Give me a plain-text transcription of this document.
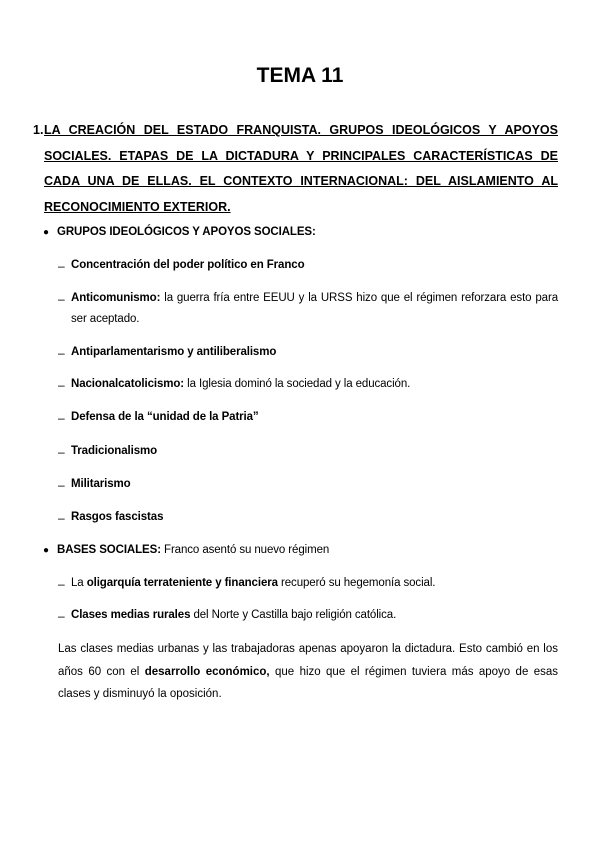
TEMA 11
1. LA CREACIÓN DEL ESTADO FRANQUISTA. GRUPOS IDEOLÓGICOS Y APOYOS SOCIALES. ETAPAS DE LA DICTADURA Y PRINCIPALES CARACTERÍSTICAS DE CADA UNA DE ELLAS. EL CONTEXTO INTERNACIONAL: DEL AISLAMIENTO AL RECONOCIMIENTO EXTERIOR.
● GRUPOS IDEOLÓGICOS Y APOYOS SOCIALES:
– Concentración del poder político en Franco
– Anticomunismo: la guerra fría entre EEUU y la URSS hizo que el régimen reforzara esto para ser aceptado.
– Antiparlamentarismo y antiliberalismo
– Nacionalcatolicismo: la Iglesia dominó la sociedad y la educación.
– Defensa de la “unidad de la Patria”
– Tradicionalismo
– Militarismo
– Rasgos fascistas
● BASES SOCIALES: Franco asentó su nuevo régimen
– La oligarquía terrateniente y financiera recuperó su hegemonía social.
– Clases medias rurales del Norte y Castilla bajo religión católica.
Las clases medias urbanas y las trabajadoras apenas apoyaron la dictadura. Esto cambió en los años 60 con el desarrollo económico, que hizo que el régimen tuviera más apoyo de esas clases y disminuyó la oposición.
